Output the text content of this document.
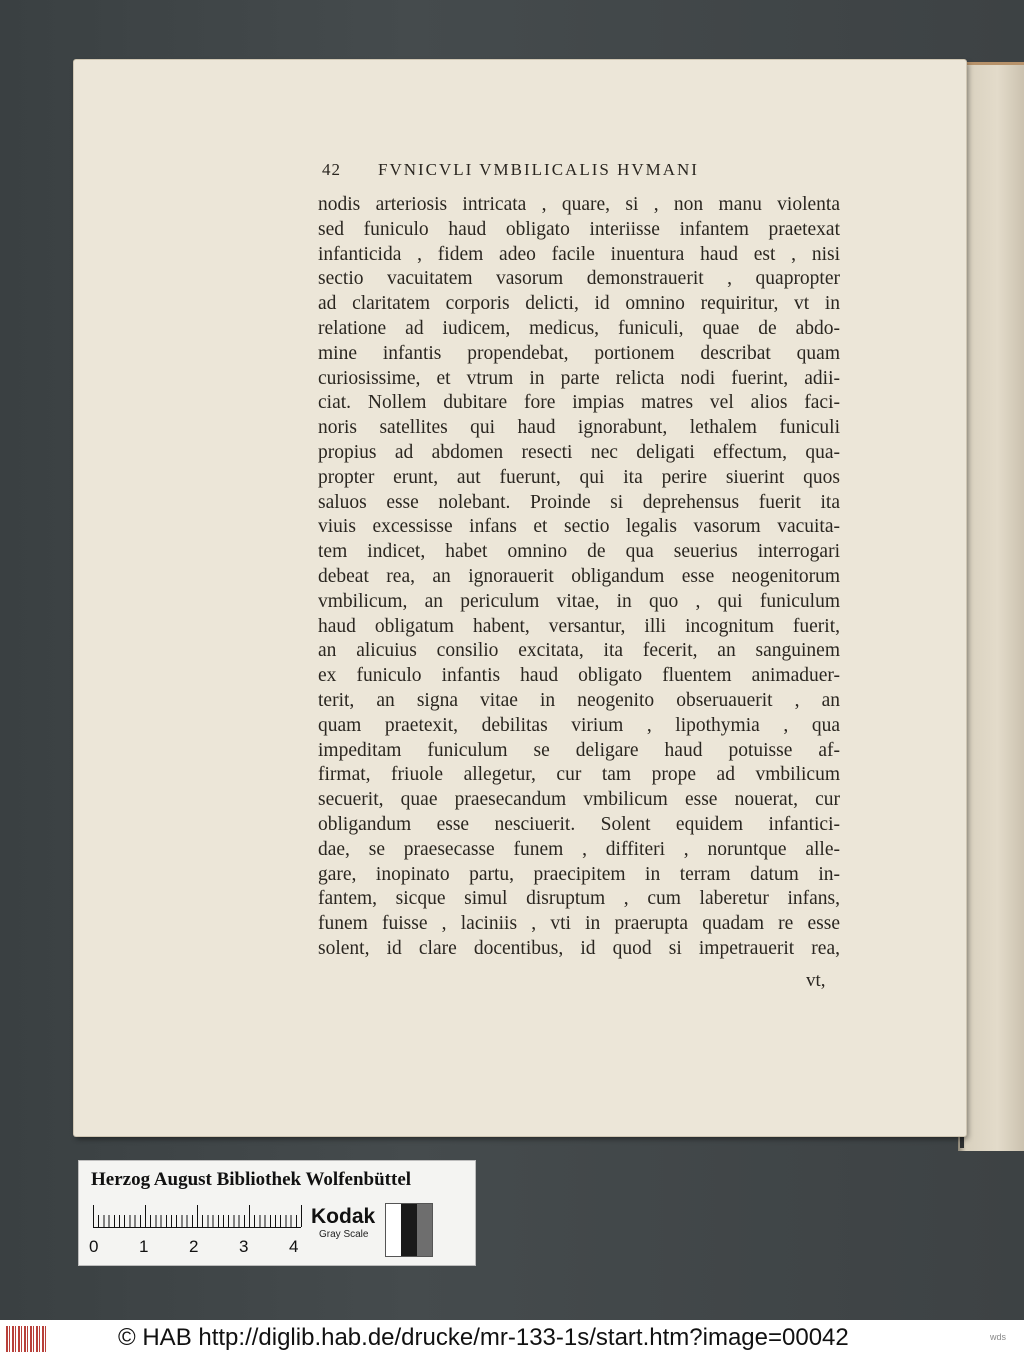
42 FVNICVLI VMBILICALIS HVMANI
nodis arteriosis intricata , quare, si , non manu violenta
sed funiculo haud obligato interiisse infantem praetexat
infanticida , fidem adeo facile inuentura haud est , nisi
sectio vacuitatem vasorum demonstrauerit , quapropter
ad claritatem corporis delicti, id omnino requiritur, vt in
relatione ad iudicem, medicus, funiculi, quae de abdo-
mine infantis propendebat, portionem describat quam
curiosissime, et vtrum in parte relicta nodi fuerint, adii-
ciat. Nollem dubitare fore impias matres vel alios faci-
noris satellites qui haud ignorabunt, lethalem funiculi
propius ad abdomen resecti nec deligati effectum, qua-
propter erunt, aut fuerunt, qui ita perire siuerint quos
saluos esse nolebant. Proinde si deprehensus fuerit ita
viuis excessisse infans et sectio legalis vasorum vacuita-
tem indicet, habet omnino de qua seuerius interrogari
debeat rea, an ignorauerit obligandum esse neogenitorum
vmbilicum, an periculum vitae, in quo , qui funiculum
haud obligatum habent, versantur, illi incognitum fuerit,
an alicuius consilio excitata, ita fecerit, an sanguinem
ex funiculo infantis haud obligato fluentem animaduer-
terit, an signa vitae in neogenito obseruauerit , an
quam praetexit, debilitas virium , lipothymia , qua
impeditam funiculum se deligare haud potuisse af-
firmat, friuole allegetur, cur tam prope ad vmbilicum
secuerit, quae praesecandum vmbilicum esse nouerat, cur
obligandum esse nesciuerit. Solent equidem infantici-
dae, se praesecasse funem , diffiteri , noruntque alle-
gare, inopinato partu, praecipitem in terram datum in-
fantem, sicque simul disruptum , cum laberetur infans,
funem fuisse , laciniis , vti in praerupta quadam re esse
solent, id clare docentibus, id quod si impetrauerit rea,
vt,
Herzog August Bibliothek Wolfenbüttel
0 1 2 3 4
Kodak
Gray Scale
© HAB http://diglib.hab.de/drucke/mr-133-1s/start.htm?image=00042	wds
